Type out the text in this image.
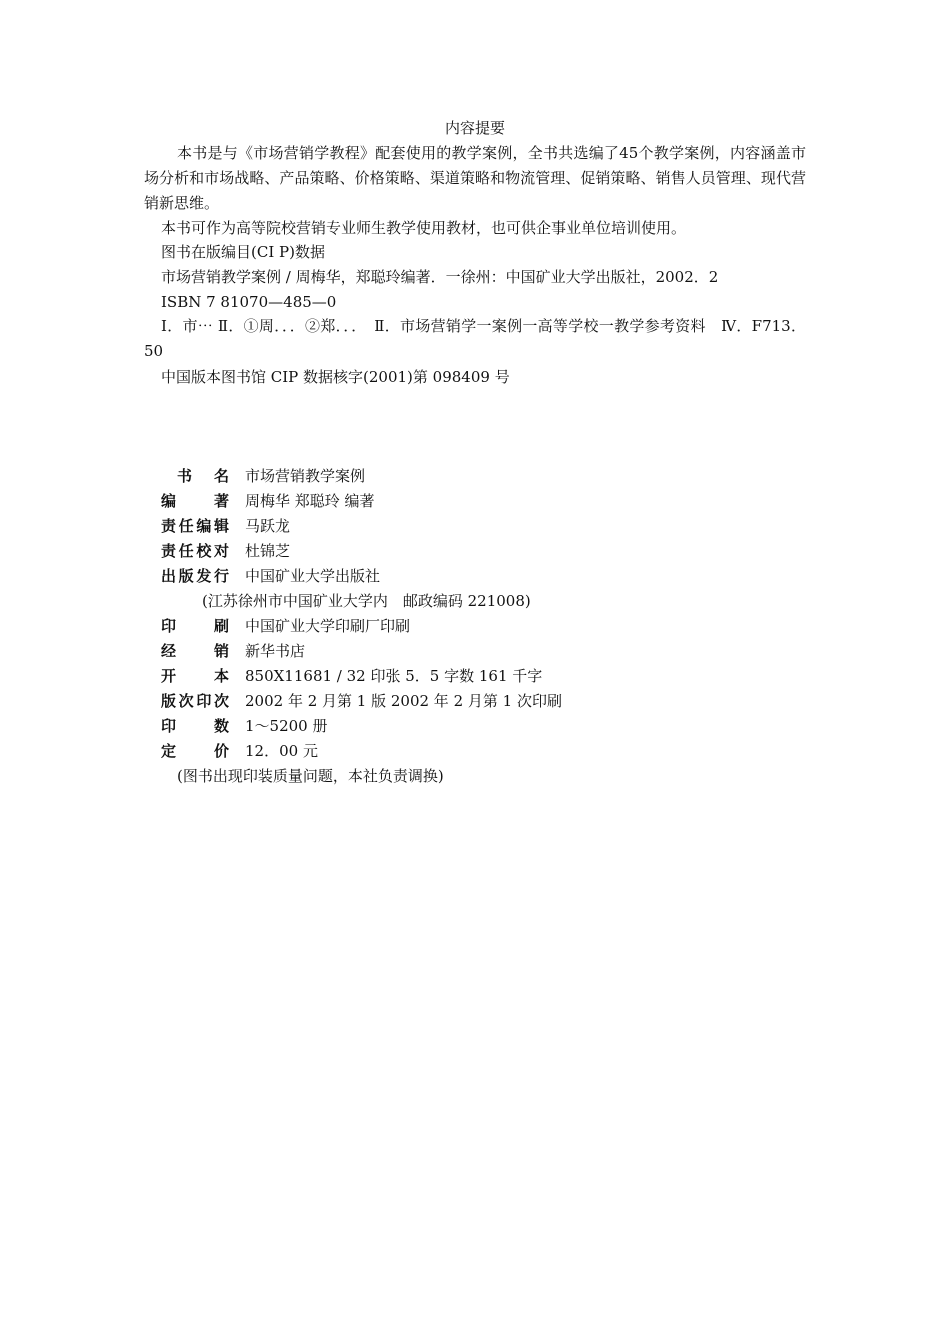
内容提要
本书是与《市场营销学教程》配套使用的教学案例，全书共选编了45个教学案例，内容涵盖市场分析和市场战略、产品策略、价格策略、渠道策略和物流管理、促销策略、销售人员管理、现代营销新思维。
本书可作为高等院校营销专业师生教学使用教材，也可供企事业单位培训使用。
图书在版编目(CI P)数据
市场营销教学案例 / 周梅华，郑聪玲编著．一徐州：中国矿业大学出版社，2002．2
ISBN 7 81070—485—0
Ⅰ．市⋯ Ⅱ．①周．．．②郑．．．　Ⅱ．市场营销学一案例一高等学校一教学参考资料　Ⅳ．F713．50
中国版本图书馆 CIP 数据核字(2001)第 098409 号
书名 市场营销教学案例
编著 周梅华 郑聪玲 编著
责任编辑 马跃龙
责任校对 杜锦芝
出版发行 中国矿业大学出版社
(江苏徐州市中国矿业大学内　邮政编码 221008)
印刷 中国矿业大学印刷厂印刷
经销 新华书店
开本 850X11681 / 32 印张 5．5 字数 161 千字
版次印次 2002 年 2 月第 1 版 2002 年 2 月第 1 次印刷
印数 1～5200 册
定价 12．00 元
(图书出现印装质量问题，本社负责调换)
